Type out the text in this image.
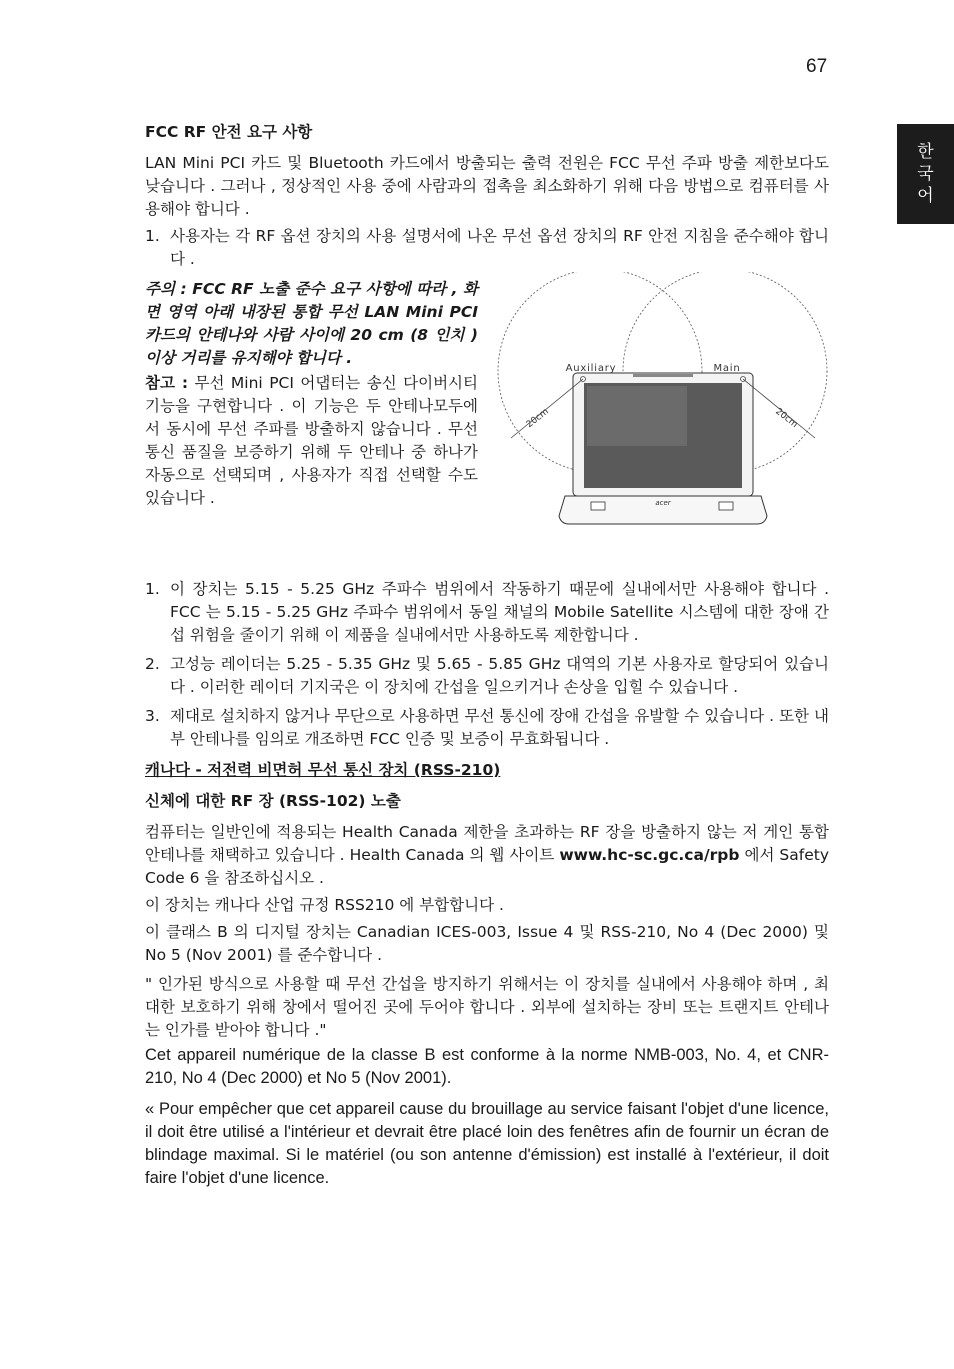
67
한
국
어

FCC RF 안전 요구 사항

LAN Mini PCI 카드 및 Bluetooth 카드에서 방출되는 출력 전원은 FCC 무선 주파 방출 제한보다도 낮습니다 . 그러나 , 정상적인 사용 중에 사람과의 접촉을 최소화하기 위해 다음 방법으로 컴퓨터를 사용해야 합니다 .

1. 사용자는 각 RF 옵션 장치의 사용 설명서에 나온 무선 옵션 장치의 RF 안전 지침을 준수해야 합니다 .

주의 : FCC RF 노출 준수 요구 사항에 따라 , 화면 영역 아래 내장된 통합 무선 LAN Mini PCI 카드의 안테나와 사람 사이에 20 cm (8 인치 ) 이상 거리를 유지해야 합니다 .

참고 : 무선 Mini PCI 어댑터는 송신 다이버시티 기능을 구현합니다 . 이 기능은 두 안테나모두에서 동시에 무선 주파를 방출하지 않습니다 . 무선 통신 품질을 보증하기 위해 두 안테나 중 하나가 자동으로 선택되며 , 사용자가 직접 선택할 수도 있습니다 .	acer
Auxiliary	Main
20cm	20cm
1. 이 장치는 5.15 - 5.25 GHz 주파수 범위에서 작동하기 때문에 실내에서만 사용해야 합니다 . FCC 는 5.15 - 5.25 GHz 주파수 범위에서 동일 채널의 Mobile Satellite 시스템에 대한 장애 간섭 위험을 줄이기 위해 이 제품을 실내에서만 사용하도록 제한합니다 .
2. 고성능 레이더는 5.25 - 5.35 GHz 및 5.65 - 5.85 GHz 대역의 기본 사용자로 할당되어 있습니다 . 이러한 레이더 기지국은 이 장치에 간섭을 일으키거나 손상을 입힐 수 있습니다 .
3. 제대로 설치하지 않거나 무단으로 사용하면 무선 통신에 장애 간섭을 유발할 수 있습니다 . 또한 내부 안테나를 임의로 개조하면 FCC 인증 및 보증이 무효화됩니다 .

캐나다 - 저전력 비면허 무선 통신 장치 (RSS-210)

신체에 대한 RF 장 (RSS-102) 노출

컴퓨터는 일반인에 적용되는 Health Canada 제한을 초과하는 RF 장을 방출하지 않는 저 게인 통합 안테나를 채택하고 있습니다 . Health Canada 의 웹 사이트 www.hc-sc.gc.ca/rpb 에서 Safety Code 6 을 참조하십시오 .

이 장치는 캐나다 산업 규정 RSS210 에 부합합니다 .

이 클래스 B 의 디지털 장치는 Canadian ICES-003, Issue 4 및 RSS-210, No 4 (Dec 2000) 및 No 5 (Nov 2001) 를 준수합니다 .

" 인가된 방식으로 사용할 때 무선 간섭을 방지하기 위해서는 이 장치를 실내에서 사용해야 하며 , 최대한 보호하기 위해 창에서 떨어진 곳에 두어야 합니다 . 외부에 설치하는 장비 또는 트랜지트 안테나는 인가를 받아야 합니다 ."

Cet appareil numérique de la classe B est conforme à la norme NMB-003, No. 4, et CNR-210, No 4 (Dec 2000) et No 5 (Nov 2001).

« Pour empêcher que cet appareil cause du brouillage au service faisant l'objet d'une licence, il doit être utilisé a l'intérieur et devrait être placé loin des fenêtres afin de fournir un écran de blindage maximal. Si le matériel (ou son antenne d'émission) est installé à l'extérieur, il doit faire l'objet d'une licence.
